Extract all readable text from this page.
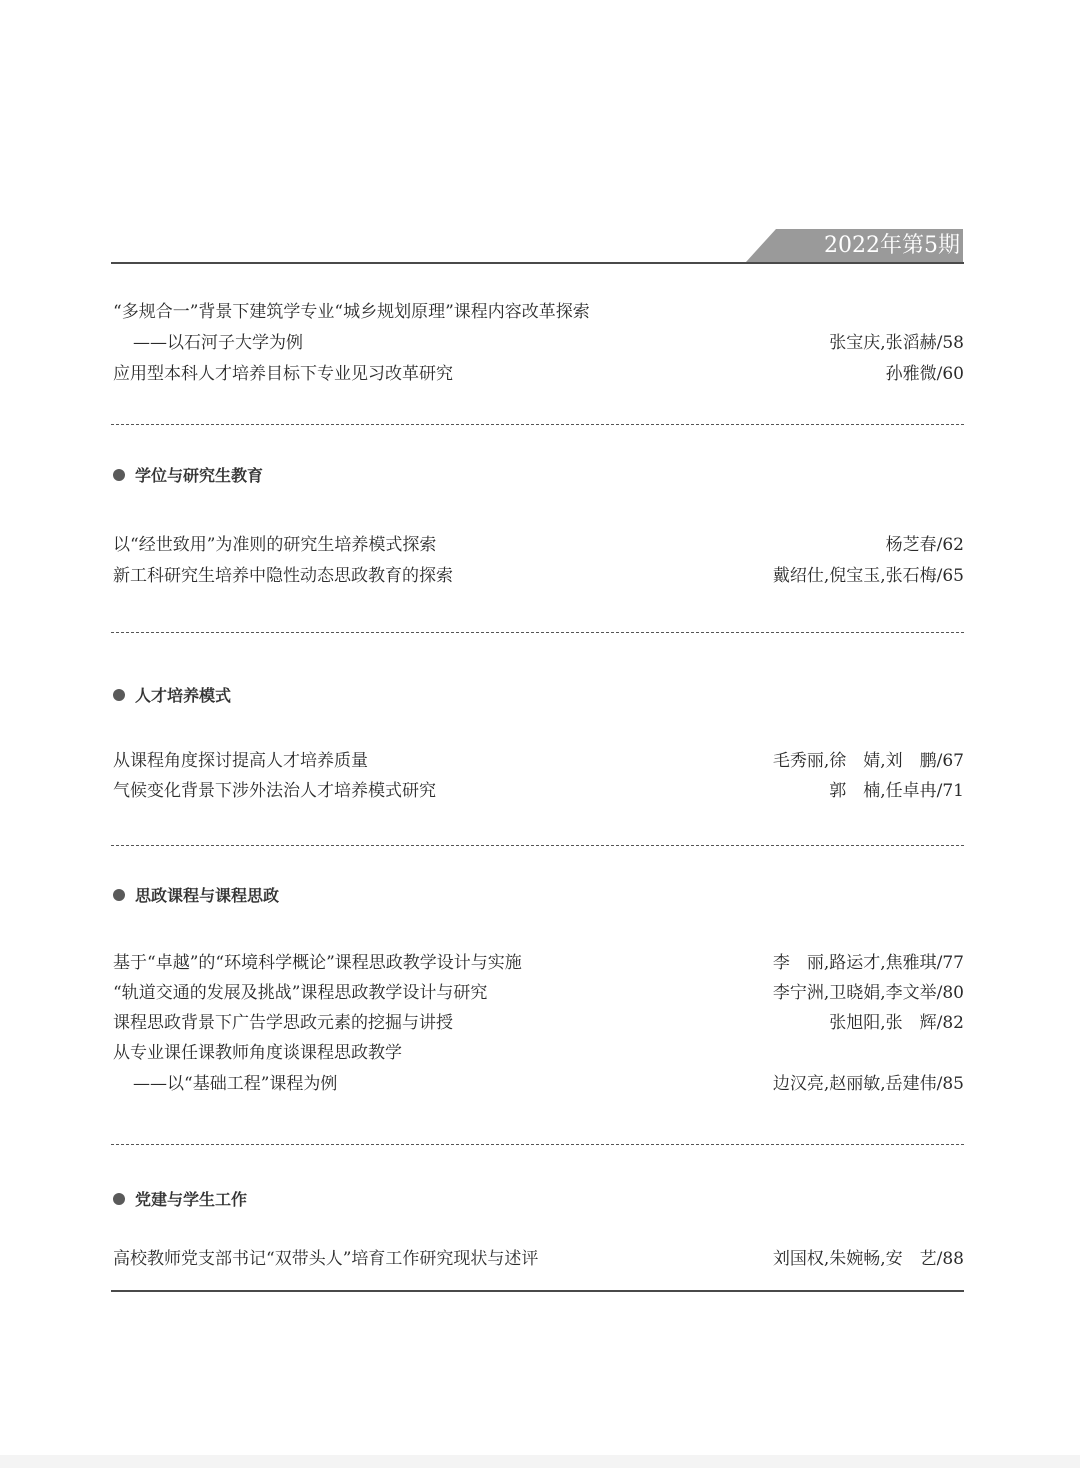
2022年第5期
“多规合一”背景下建筑学专业“城乡规划原理”课程内容改革探索
——以石河子大学为例	张宝庆,张滔赫/58
应用型本科人才培养目标下专业见习改革研究	孙雅微/60
学位与研究生教育
以“经世致用”为准则的研究生培养模式探索	杨芝春/62
新工科研究生培养中隐性动态思政教育的探索	戴绍仕,倪宝玉,张石梅/65
人才培养模式
从课程角度探讨提高人才培养质量	毛秀丽,徐　婧,刘　鹏/67
气候变化背景下涉外法治人才培养模式研究	郭　楠,任卓冉/71
思政课程与课程思政
基于“卓越”的“环境科学概论”课程思政教学设计与实施	李　丽,路运才,焦雅琪/77
“轨道交通的发展及挑战”课程思政教学设计与研究	李宁洲,卫晓娟,李文举/80
课程思政背景下广告学思政元素的挖掘与讲授	张旭阳,张　辉/82
从专业课任课教师角度谈课程思政教学
——以“基础工程”课程为例	边汉亮,赵丽敏,岳建伟/85
党建与学生工作
高校教师党支部书记“双带头人”培育工作研究现状与述评	刘国权,朱婉畅,安　艺/88
